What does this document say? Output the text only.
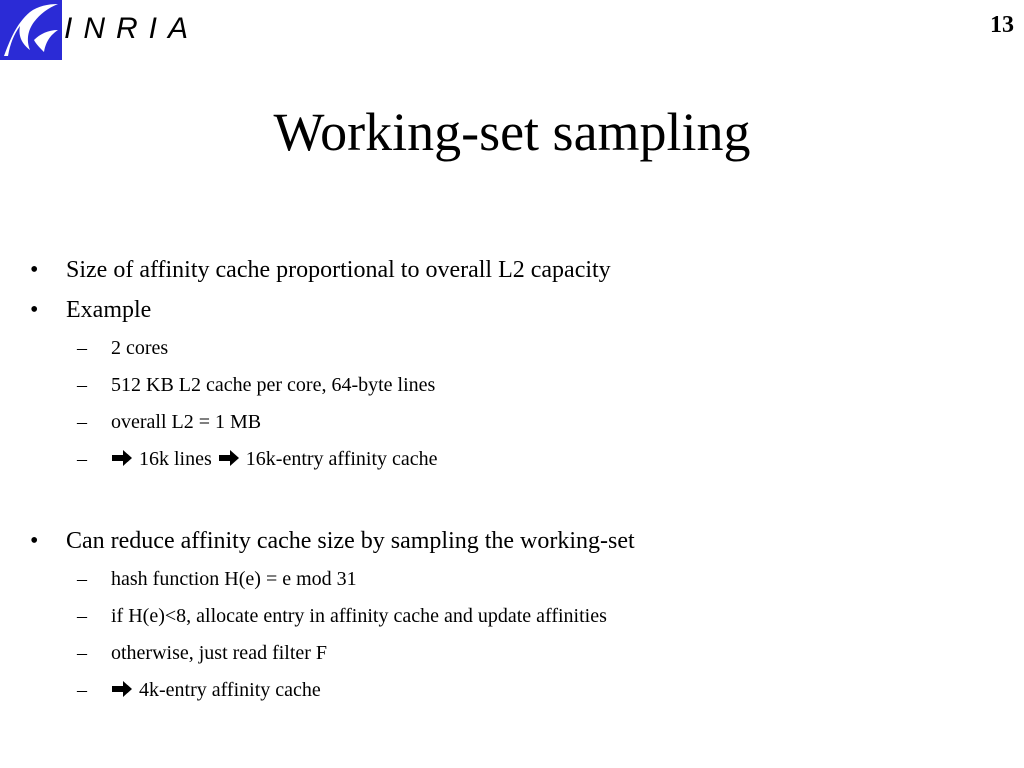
INRIA	13
Working-set sampling
• Size of affinity cache proportional to overall L2 capacity
• Example
– 2 cores
– 512 KB L2 cache per core, 64-byte lines
– overall L2 = 1 MB
–	16k lines 16k-entry affinity cache
• Can reduce affinity cache size by sampling the working-set
– hash function H(e) = e mod 31
– if H(e)<8, allocate entry in affinity cache and update affinities
– otherwise, just read filter F
–	4k-entry affinity cache
